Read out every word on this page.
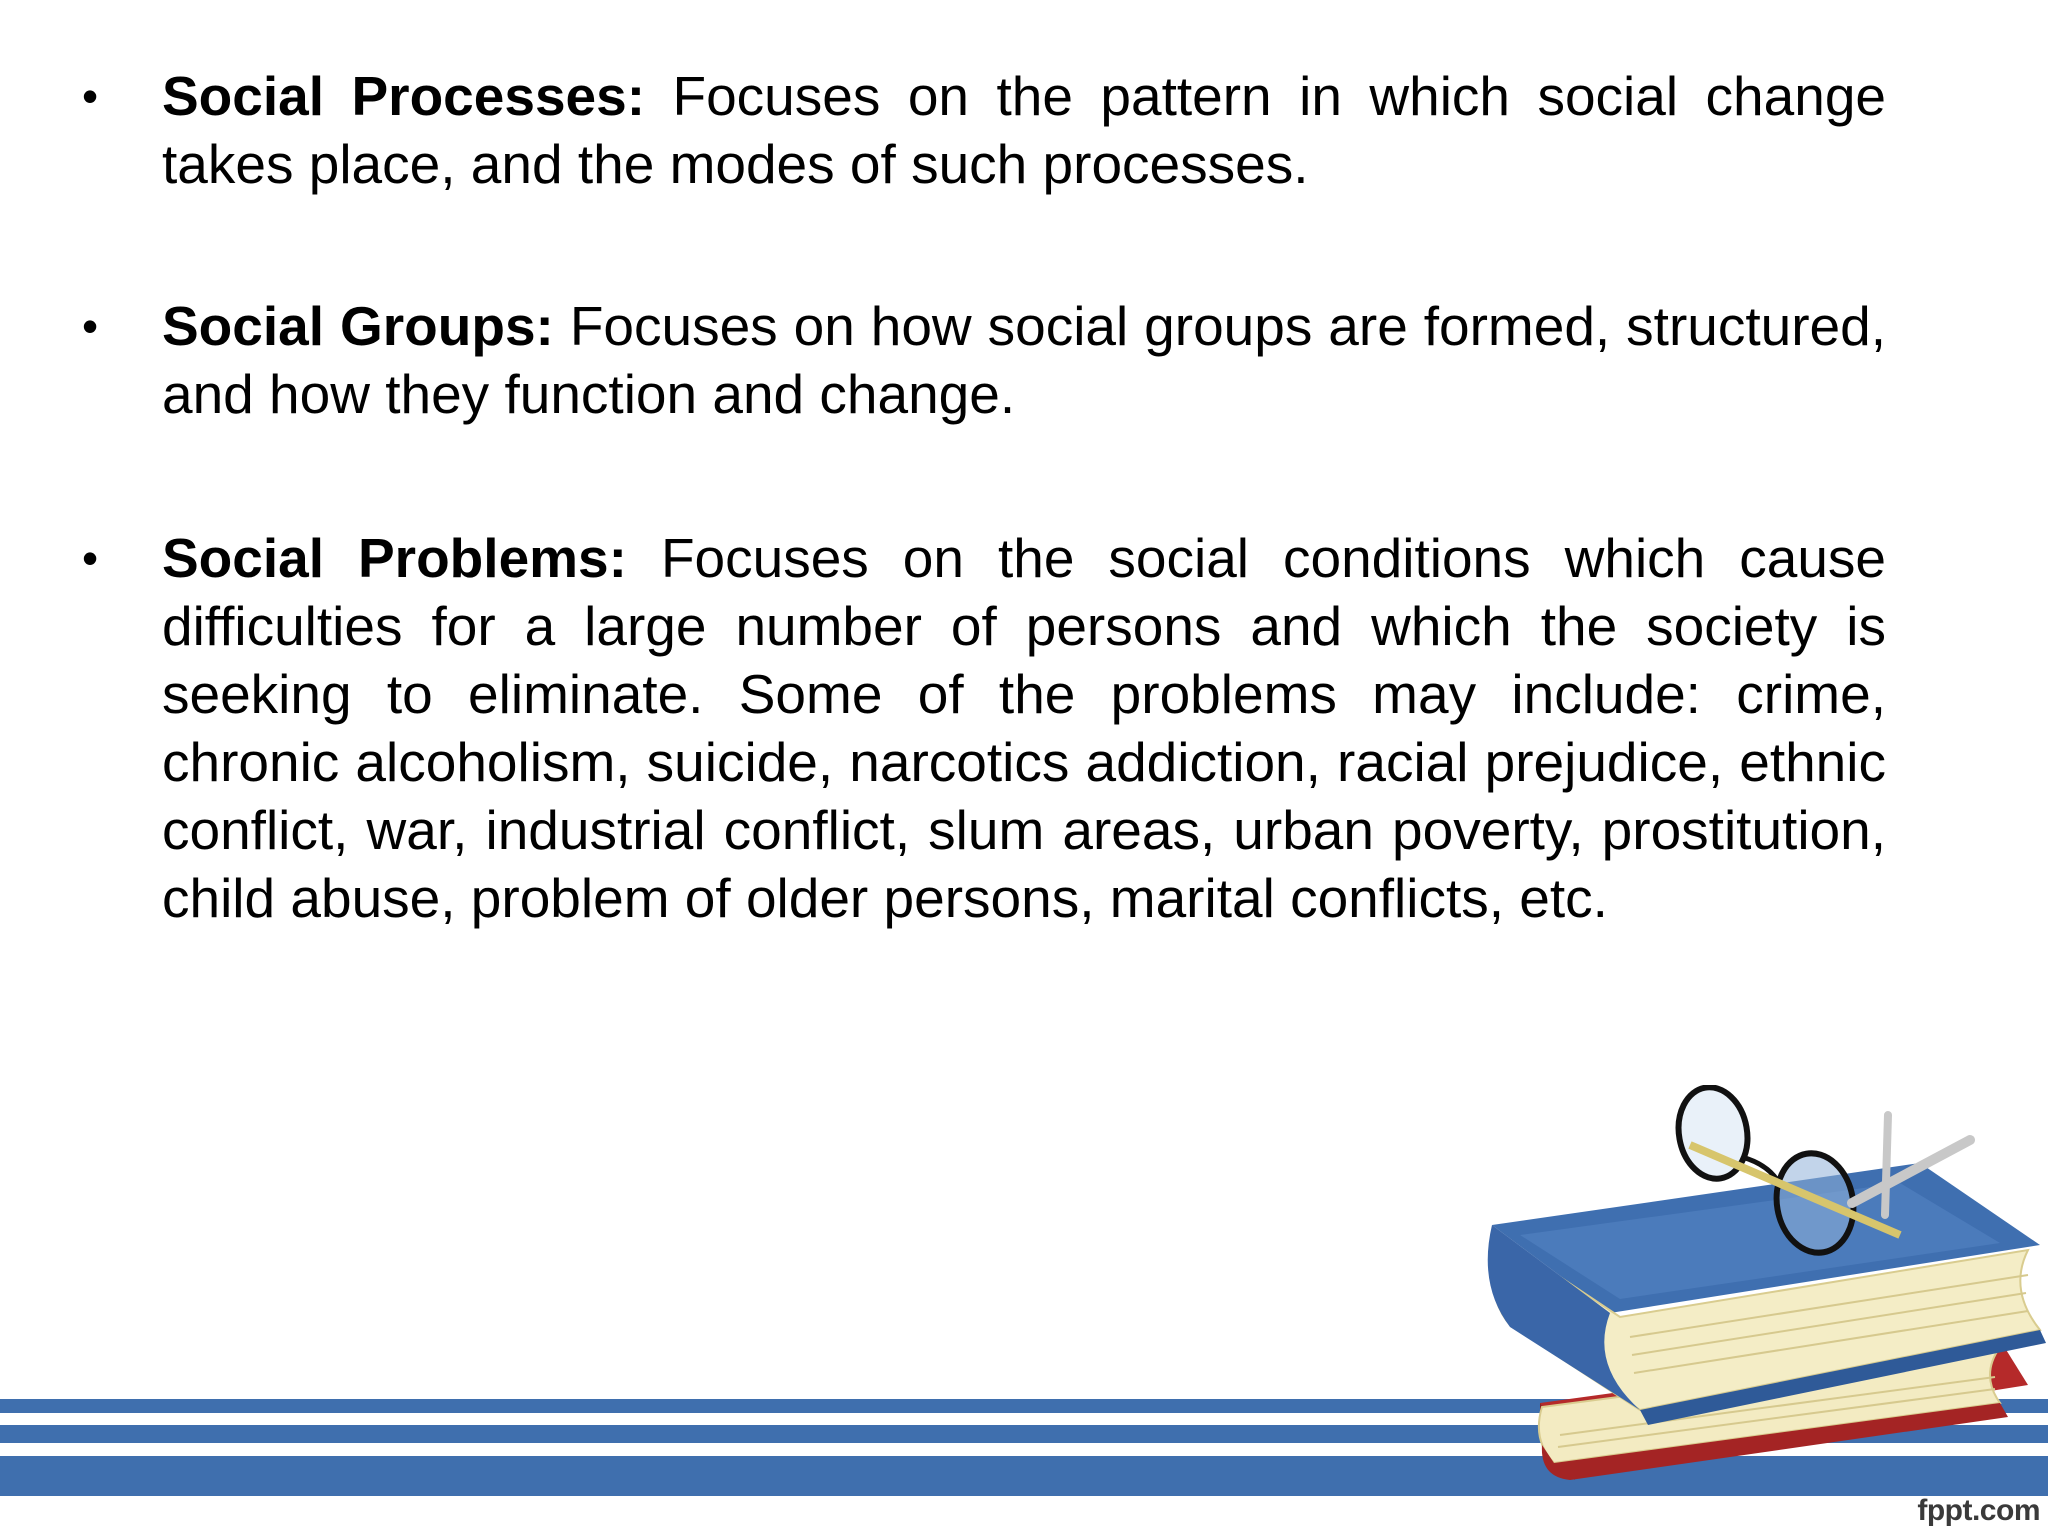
•	Social Processes: Focuses on the pattern in which social change takes place, and the modes of such processes.
•	Social Groups: Focuses on how social groups are formed, structured, and how they function and change.
•	Social Problems: Focuses on the social conditions which cause difficulties for a large number of persons and which the society is seeking to eliminate. Some of the problems may include: crime, chronic alcoholism, suicide, narcotics addiction, racial prejudice, ethnic conflict, war, industrial conflict, slum areas, urban poverty, prostitution, child abuse, problem of older persons, marital conflicts, etc.
fppt.com
